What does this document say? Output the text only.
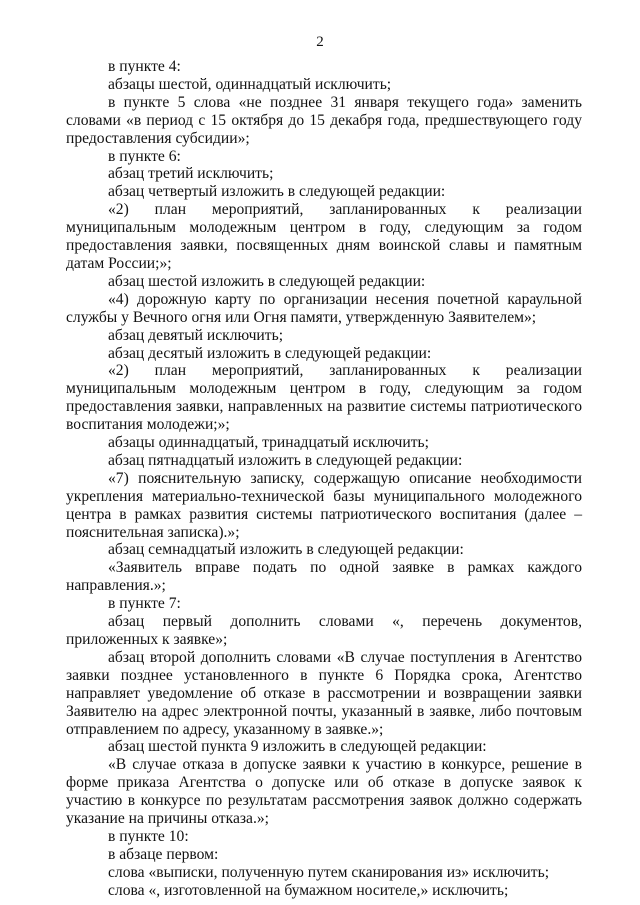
2

в пункте 4:

абзацы шестой, одиннадцатый исключить;

в пункте 5 слова «не позднее 31 января текущего года» заменить словами «в период с 15 октября до 15 декабря года, предшествующего году предоставления субсидии»;

в пункте 6:

абзац третий исключить;

абзац четвертый изложить в следующей редакции:

«2) план мероприятий, запланированных к реализации муниципальным молодежным центром в году, следующим за годом предоставления заявки, посвященных дням воинской славы и памятным датам России;»;

абзац шестой изложить в следующей редакции:

«4) дорожную карту по организации несения почетной караульной службы у Вечного огня или Огня памяти, утвержденную Заявителем»;

абзац девятый исключить;

абзац десятый изложить в следующей редакции:

«2) план мероприятий, запланированных к реализации муниципальным молодежным центром в году, следующим за годом предоставления заявки, направленных на развитие системы патриотического воспитания молодежи;»;

абзацы одиннадцатый, тринадцатый исключить;

абзац пятнадцатый изложить в следующей редакции:

«7) пояснительную записку, содержащую описание необходимости укрепления материально-технической базы муниципального молодежного центра в рамках развития системы патриотического воспитания (далее – пояснительная записка).»;

абзац семнадцатый изложить в следующей редакции:

«Заявитель вправе подать по одной заявке в рамках каждого направления.»;

в пункте 7:

абзац первый дополнить словами «, перечень документов, приложенных к заявке»;

абзац второй дополнить словами «В случае поступления в Агентство заявки позднее установленного в пункте 6 Порядка срока, Агентство направляет уведомление об отказе в рассмотрении и возвращении заявки Заявителю на адрес электронной почты, указанный в заявке, либо почтовым отправлением по адресу, указанному в заявке.»;

абзац шестой пункта 9 изложить в следующей редакции:

«В случае отказа в допуске заявки к участию в конкурсе, решение в форме приказа Агентства о допуске или об отказе в допуске заявок к участию в конкурсе по результатам рассмотрения заявок должно содержать указание на причины отказа.»;

в пункте 10:

в абзаце первом:

слова «выписки, полученную путем сканирования из» исключить;

слова «, изготовленной на бумажном носителе,» исключить;
